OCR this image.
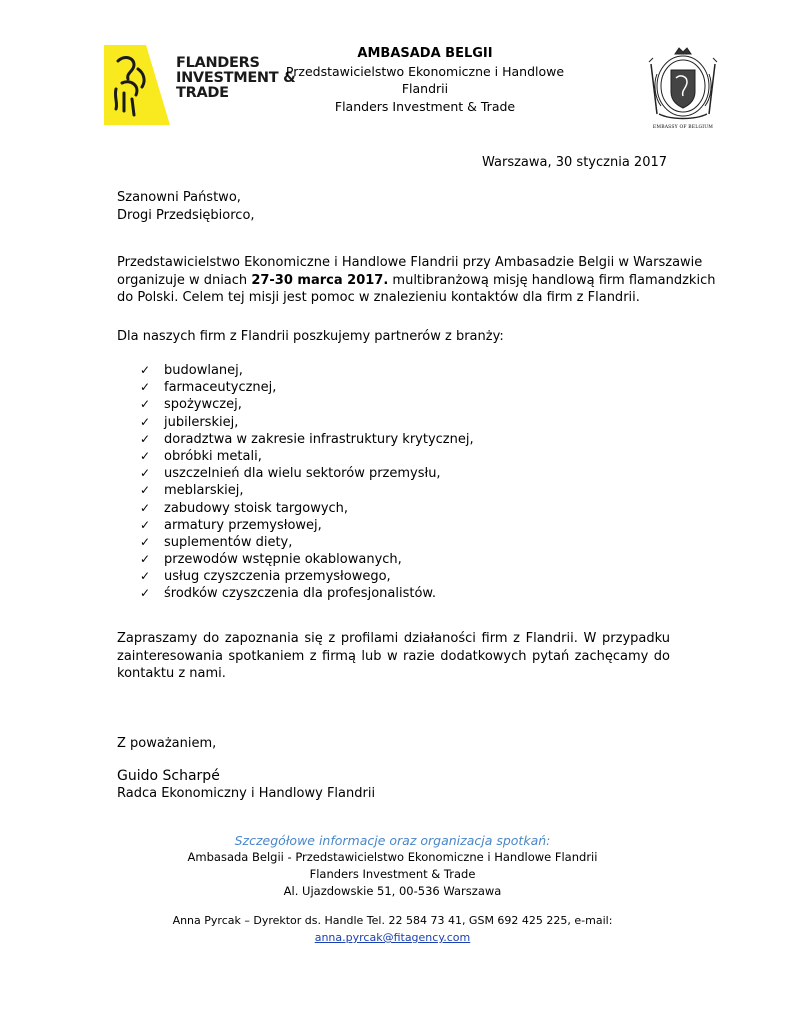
FLANDERS
INVESTMENT &
TRADE
AMBASADA BELGII
Przedstawicielstwo Ekonomiczne i Handlowe Flandrii
Flanders Investment & Trade
EMBASSY OF BELGIUM
Warszawa, 30 stycznia 2017
Szanowni Państwo,
Drogi Przedsiębiorco,
Przedstawicielstwo Ekonomiczne i Handlowe Flandrii przy Ambasadzie Belgii w Warszawie
organizuje w dniach 27-30 marca 2017. multibranżową misję handlową firm flamandzkich
do Polski. Celem tej misji jest pomoc w znalezieniu kontaktów dla firm z Flandrii.
Dla naszych firm z Flandrii poszkujemy partnerów z branży:
✓ budowlanej,
✓ farmaceutycznej,
✓ spożywczej,
✓ jubilerskiej,
✓ doradztwa w zakresie infrastruktury krytycznej,
✓ obróbki metali,
✓ uszczelnień dla wielu sektorów przemysłu,
✓ meblarskiej,
✓ zabudowy stoisk targowych,
✓ armatury przemysłowej,
✓ suplementów diety,
✓ przewodów wstępnie okablowanych,
✓ usług czyszczenia przemysłowego,
✓ środków czyszczenia dla profesjonalistów.
Zapraszamy do zapoznania się z profilami działaności firm z Flandrii. W przypadku
zainteresowania spotkaniem z firmą lub w razie dodatkowych pytań zachęcamy do
kontaktu z nami.
Z poważaniem,
Guido Scharpé
Radca Ekonomiczny i Handlowy Flandrii
Szczegółowe informacje oraz organizacja spotkań:
Ambasada Belgii - Przedstawicielstwo Ekonomiczne i Handlowe Flandrii
Flanders Investment & Trade
Al. Ujazdowskie 51, 00-536 Warszawa
Anna Pyrcak – Dyrektor ds. Handle Tel. 22 584 73 41, GSM 692 425 225, e-mail:
anna.pyrcak@fitagency.com
